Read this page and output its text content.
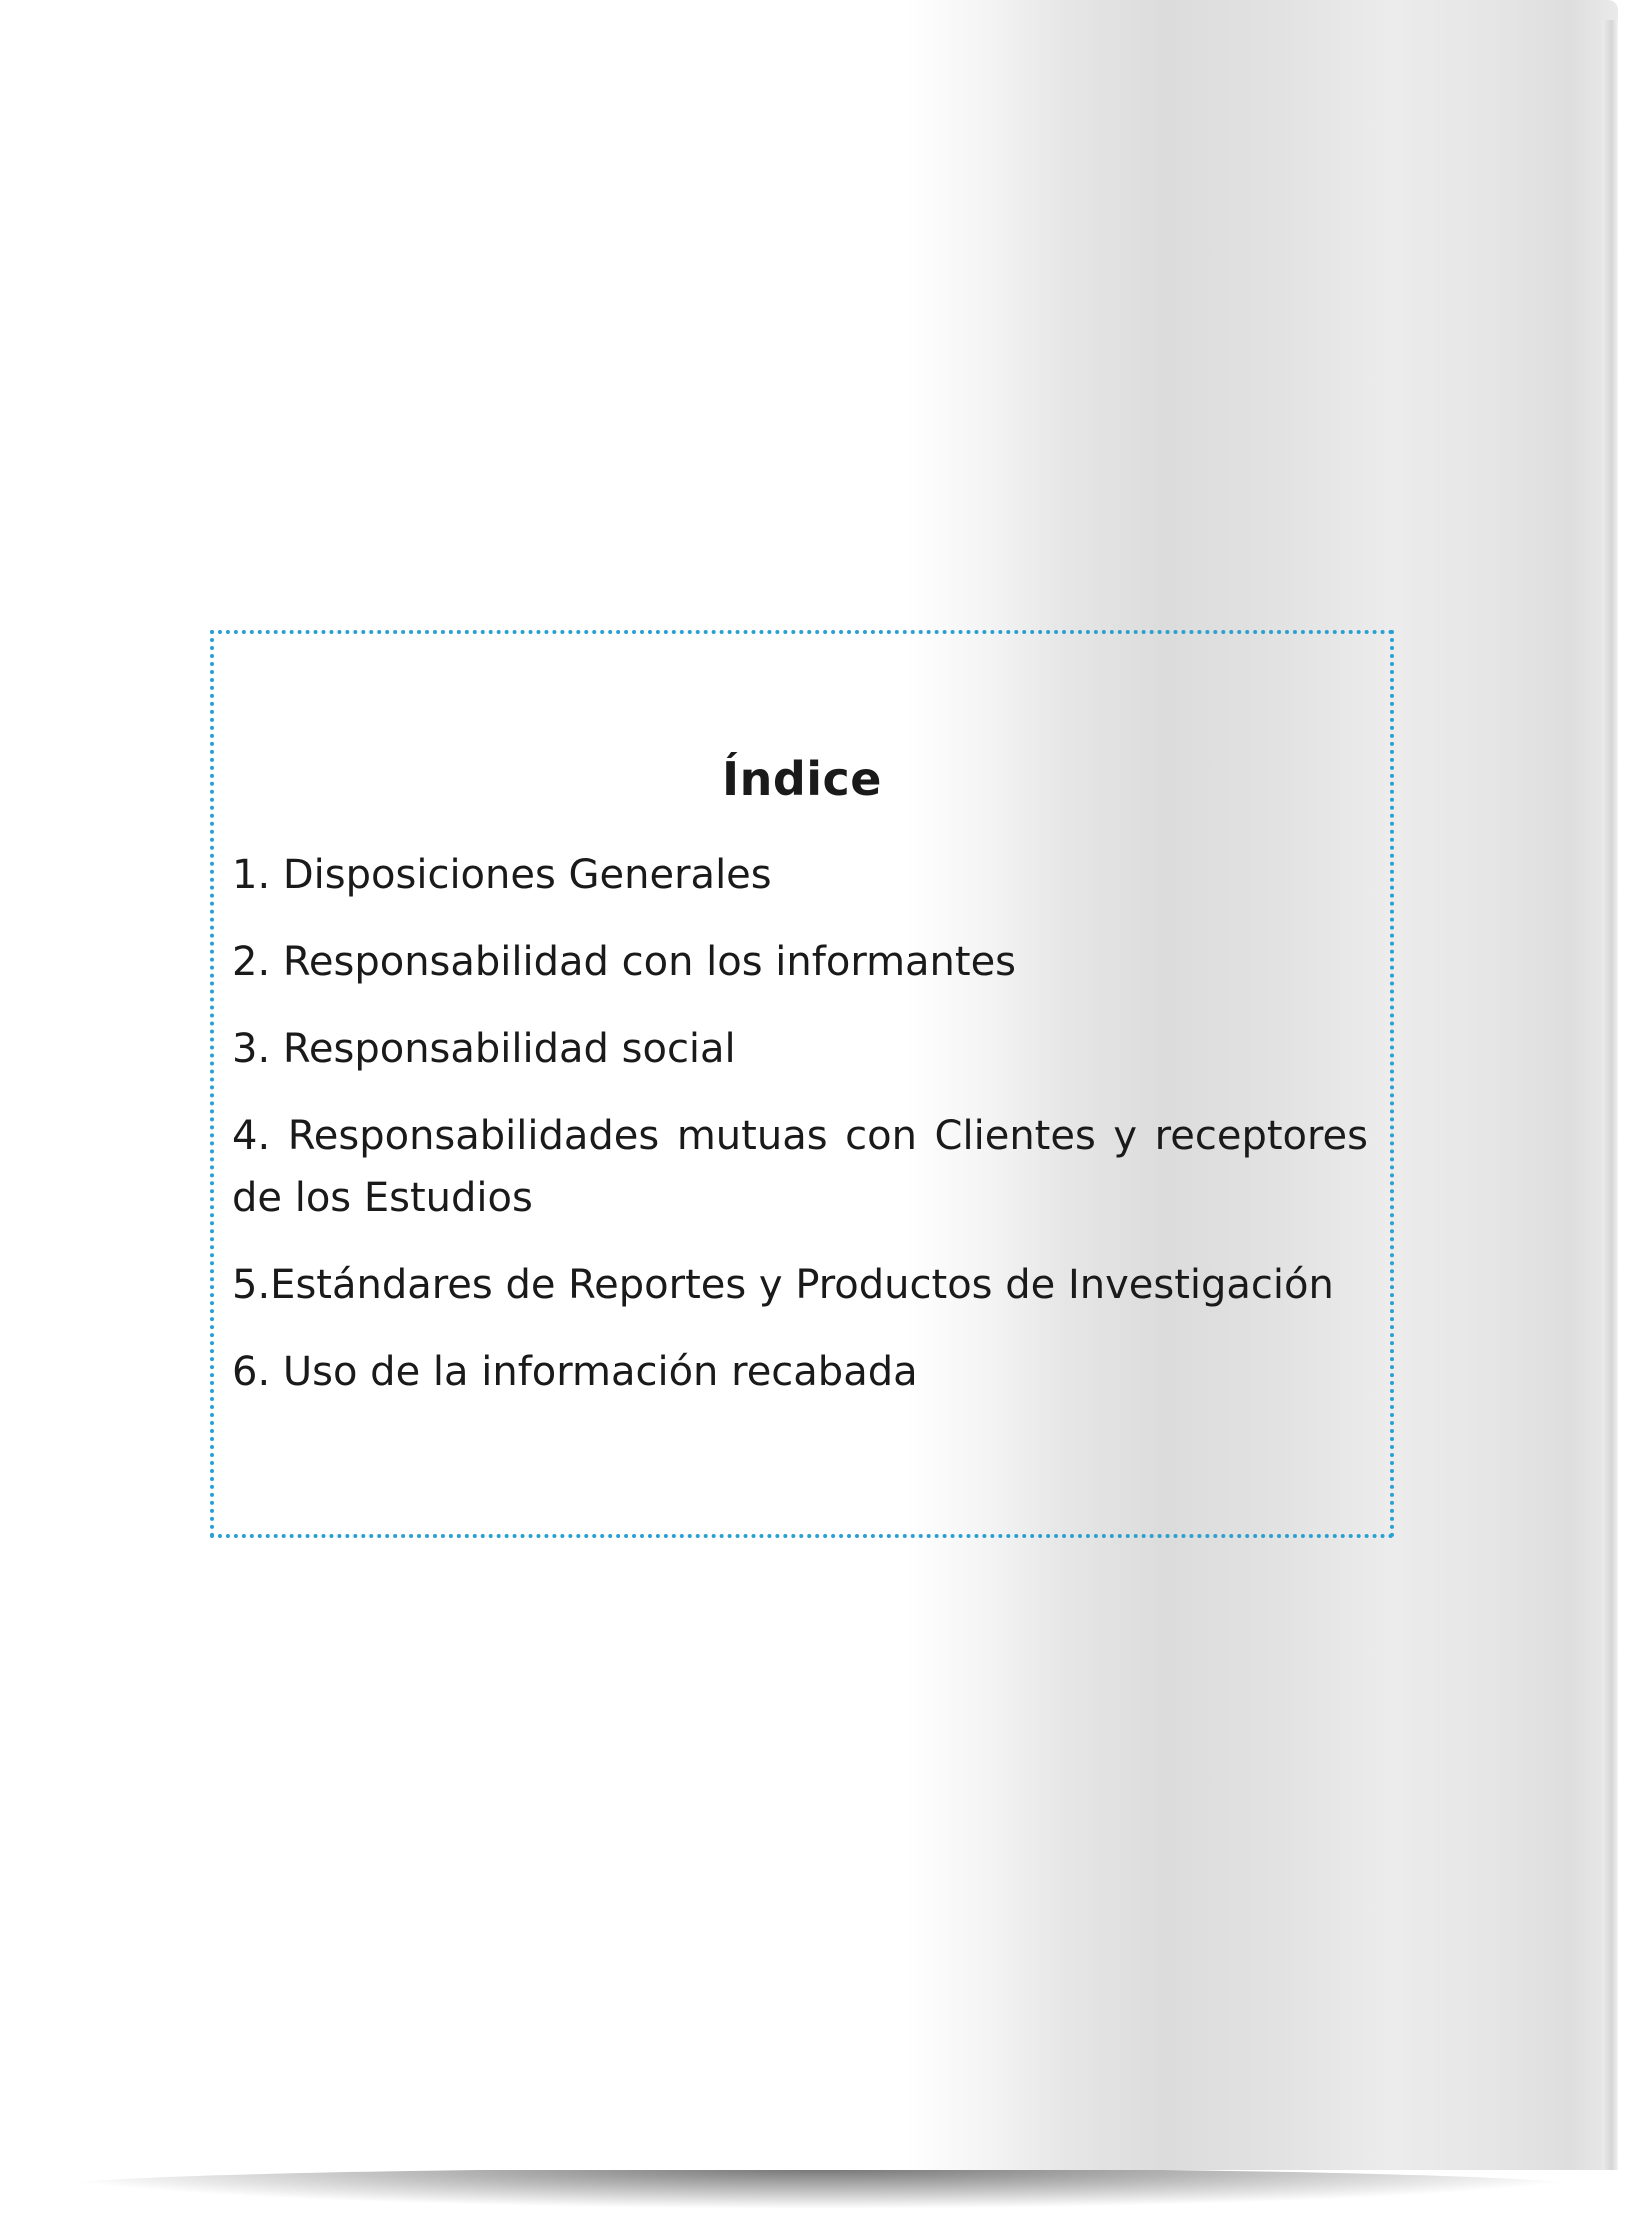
Índice
1. Disposiciones Generales
2. Responsabilidad con los informantes
3. Responsabilidad social
4. Responsabilidades mutuas con Clientes y receptores de los Estudios
5.Estándares de Reportes y Productos de Investigación
6. Uso de la información recabada
